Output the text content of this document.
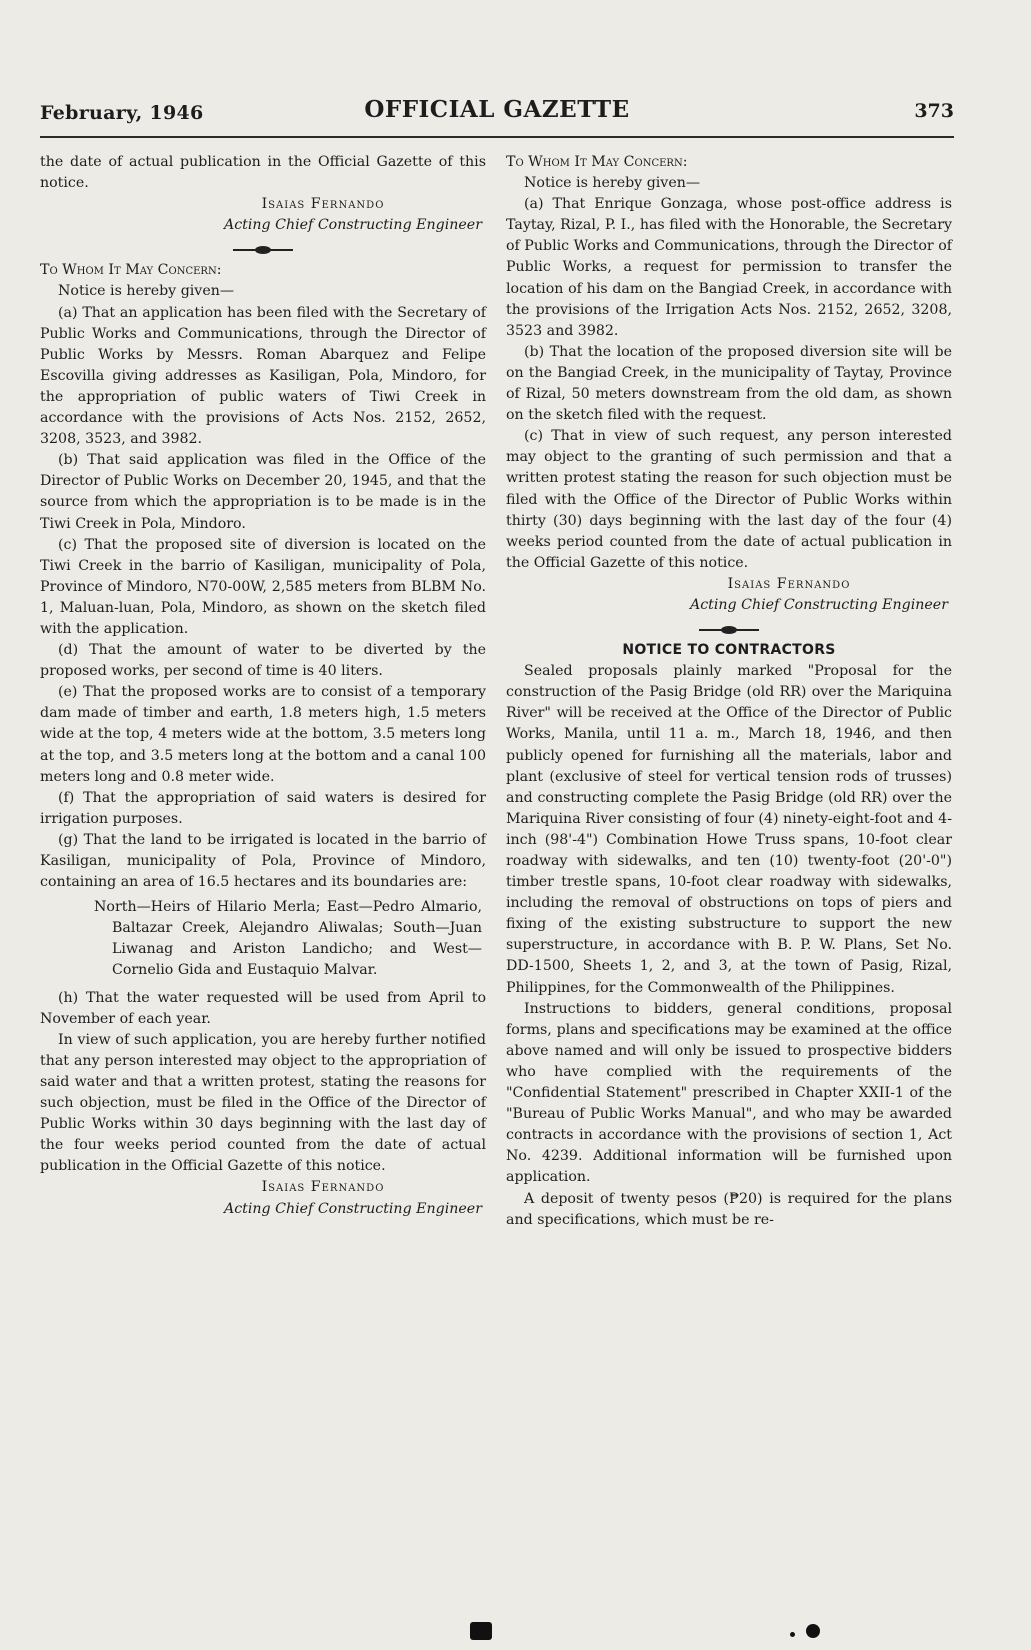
February, 1946	OFFICIAL GAZETTE	373

the date of actual publication in the Official Gazette of this notice.

Isaias Fernando

Acting Chief Constructing Engineer

To Whom It May Concern:

Notice is hereby given—

(a) That an application has been filed with the Secretary of Public Works and Communications, through the Director of Public Works by Messrs. Roman Abarquez and Felipe Escovilla giving addresses as Kasiligan, Pola, Mindoro, for the appropriation of public waters of Tiwi Creek in accordance with the provisions of Acts Nos. 2152, 2652, 3208, 3523, and 3982.

(b) That said application was filed in the Office of the Director of Public Works on December 20, 1945, and that the source from which the appropriation is to be made is in the Tiwi Creek in Pola, Mindoro.

(c) That the proposed site of diversion is located on the Tiwi Creek in the barrio of Kasiligan, municipality of Pola, Province of Mindoro, N70-00W, 2,585 meters from BLBM No. 1, Maluan-luan, Pola, Mindoro, as shown on the sketch filed with the application.

(d) That the amount of water to be diverted by the proposed works, per second of time is 40 liters.

(e) That the proposed works are to consist of a temporary dam made of timber and earth, 1.8 meters high, 1.5 meters wide at the top, 4 meters wide at the bottom, 3.5 meters long at the top, and 3.5 meters long at the bottom and a canal 100 meters long and 0.8 meter wide.

(f) That the appropriation of said waters is desired for irrigation purposes.

(g) That the land to be irrigated is located in the barrio of Kasiligan, municipality of Pola, Province of Mindoro, containing an area of 16.5 hectares and its boundaries are:

North—Heirs of Hilario Merla; East—Pedro Almario, Baltazar Creek, Alejandro Aliwalas; South—Juan Liwanag and Ariston Landicho; and West—Cornelio Gida and Eustaquio Malvar.

(h) That the water requested will be used from April to November of each year.

In view of such application, you are hereby further notified that any person interested may object to the appropriation of said water and that a written protest, stating the reasons for such objection, must be filed in the Office of the Director of Public Works within 30 days beginning with the last day of the four weeks period counted from the date of actual publication in the Official Gazette of this notice.

Isaias Fernando

Acting Chief Constructing Engineer

To Whom It May Concern:

Notice is hereby given—

(a) That Enrique Gonzaga, whose post-office address is Taytay, Rizal, P. I., has filed with the Honorable, the Secretary of Public Works and Communications, through the Director of Public Works, a request for permission to transfer the location of his dam on the Bangiad Creek, in accordance with the provisions of the Irrigation Acts Nos. 2152, 2652, 3208, 3523 and 3982.

(b) That the location of the proposed diversion site will be on the Bangiad Creek, in the municipality of Taytay, Province of Rizal, 50 meters downstream from the old dam, as shown on the sketch filed with the request.

(c) That in view of such request, any person interested may object to the granting of such permission and that a written protest stating the reason for such objection must be filed with the Office of the Director of Public Works within thirty (30) days beginning with the last day of the four (4) weeks period counted from the date of actual publication in the Official Gazette of this notice.

Isaias Fernando

Acting Chief Constructing Engineer

NOTICE TO CONTRACTORS

Sealed proposals plainly marked "Proposal for the construction of the Pasig Bridge (old RR) over the Mariquina River" will be received at the Office of the Director of Public Works, Manila, until 11 a. m., March 18, 1946, and then publicly opened for furnishing all the materials, labor and plant (exclusive of steel for vertical tension rods of trusses) and constructing complete the Pasig Bridge (old RR) over the Mariquina River consisting of four (4) ninety-eight-foot and 4-inch (98'-4") Combination Howe Truss spans, 10-foot clear roadway with sidewalks, and ten (10) twenty-foot (20'-0") timber trestle spans, 10-foot clear roadway with sidewalks, including the removal of obstructions on tops of piers and fixing of the existing substructure to support the new superstructure, in accordance with B. P. W. Plans, Set No. DD-1500, Sheets 1, 2, and 3, at the town of Pasig, Rizal, Philippines, for the Commonwealth of the Philippines.

Instructions to bidders, general conditions, proposal forms, plans and specifications may be examined at the office above named and will only be issued to prospective bidders who have complied with the requirements of the "Confidential Statement" prescribed in Chapter XXII-1 of the "Bureau of Public Works Manual", and who may be awarded contracts in accordance with the provisions of section 1, Act No. 4239. Additional information will be furnished upon application.

A deposit of twenty pesos (₱20) is required for the plans and specifications, which must be re-
